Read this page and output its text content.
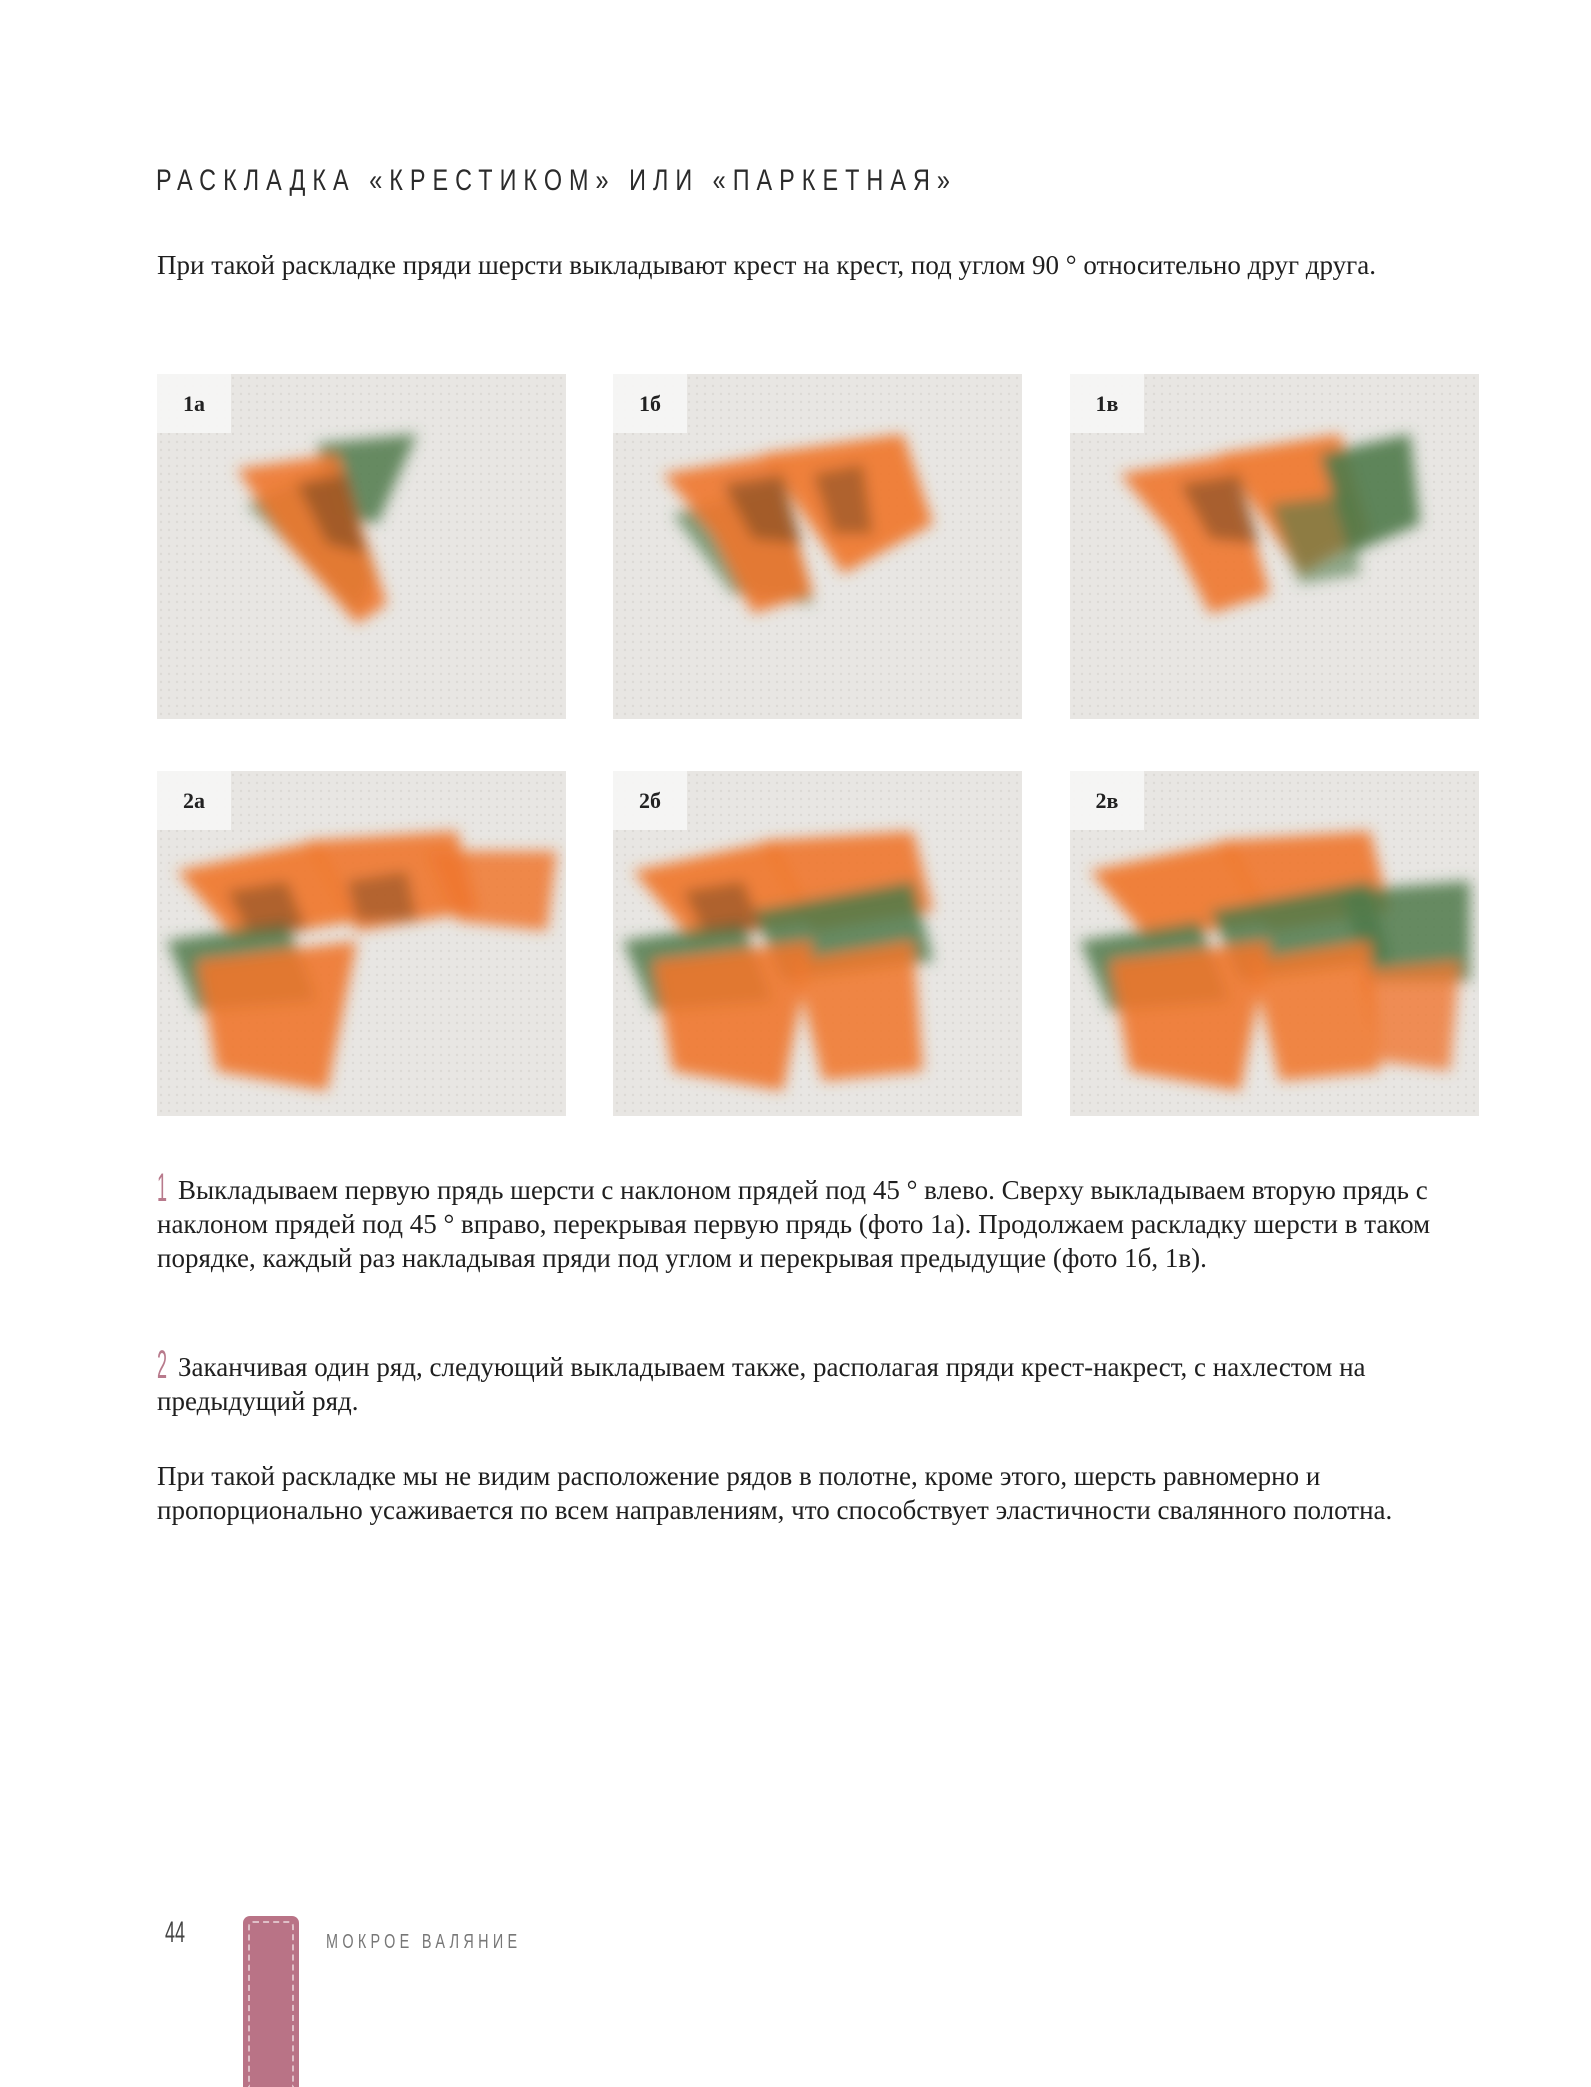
РАСКЛАДКА «КРЕСТИКОМ» ИЛИ «ПАРКЕТНАЯ»

При такой раскладке пряди шерсти выкладывают крест на крест, под углом 90 ° относительно друг друга.

1а	1б	1в
2а	2б	2в

1 Выкладываем первую прядь шерсти с наклоном прядей под 45 ° влево. Сверху выкладываем вторую прядь с наклоном прядей под 45 ° вправо, перекрывая первую прядь (фото 1а). Продолжаем раскладку шерсти в таком порядке, каждый раз накладывая пряди под углом и перекрывая предыдущие (фото 1б, 1в).

2 Заканчивая один ряд, следующий выкладываем также, располагая пряди крест-накрест, с нахлестом на предыдущий ряд.

При такой раскладке мы не видим расположение рядов в полотне, кроме этого, шерсть равномерно и пропорционально усаживается по всем направлениям, что способствует эластичности свалянного полотна.

44	МОКРОЕ ВАЛЯНИЕ
